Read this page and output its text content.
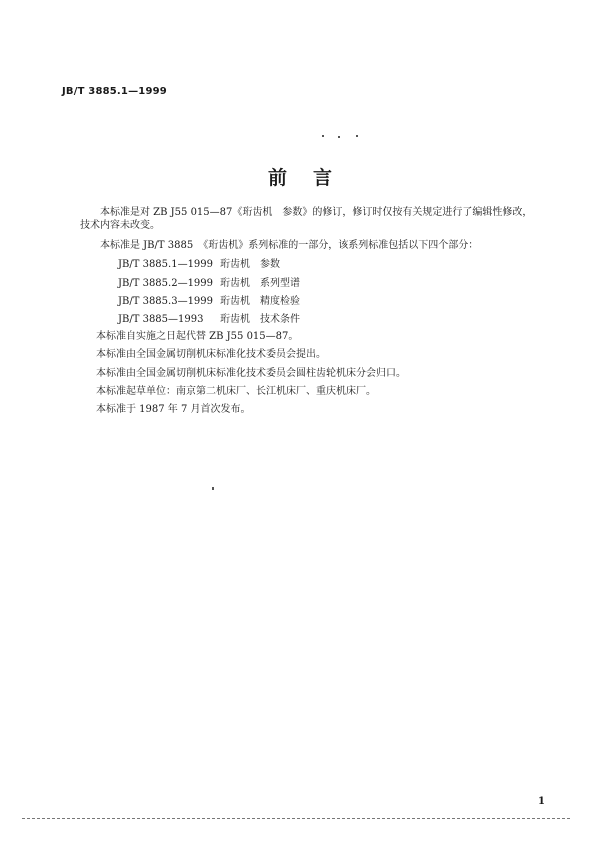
JB/T 3885.1—1999
前言
本标准是对 ZB J55 015—87《珩齿机　参数》的修订，修订时仅按有关规定进行了编辑性修改，
技术内容未改变。
本标准是 JB/T 3885　《珩齿机》系列标准的一部分，该系列标准包括以下四个部分：
JB/T 3885.1—1999 珩齿机　参数
JB/T 3885.2—1999 珩齿机　系列型谱
JB/T 3885.3—1999 珩齿机　精度检验
JB/T 3885—1993 珩齿机　技术条件
本标准自实施之日起代替 ZB J55 015—87。
本标准由全国金属切削机床标准化技术委员会提出。
本标准由全国金属切削机床标准化技术委员会圆柱齿轮机床分会归口。
本标准起草单位：南京第二机床厂、长江机床厂、重庆机床厂。
本标准于 1987 年 7 月首次发布。
1
